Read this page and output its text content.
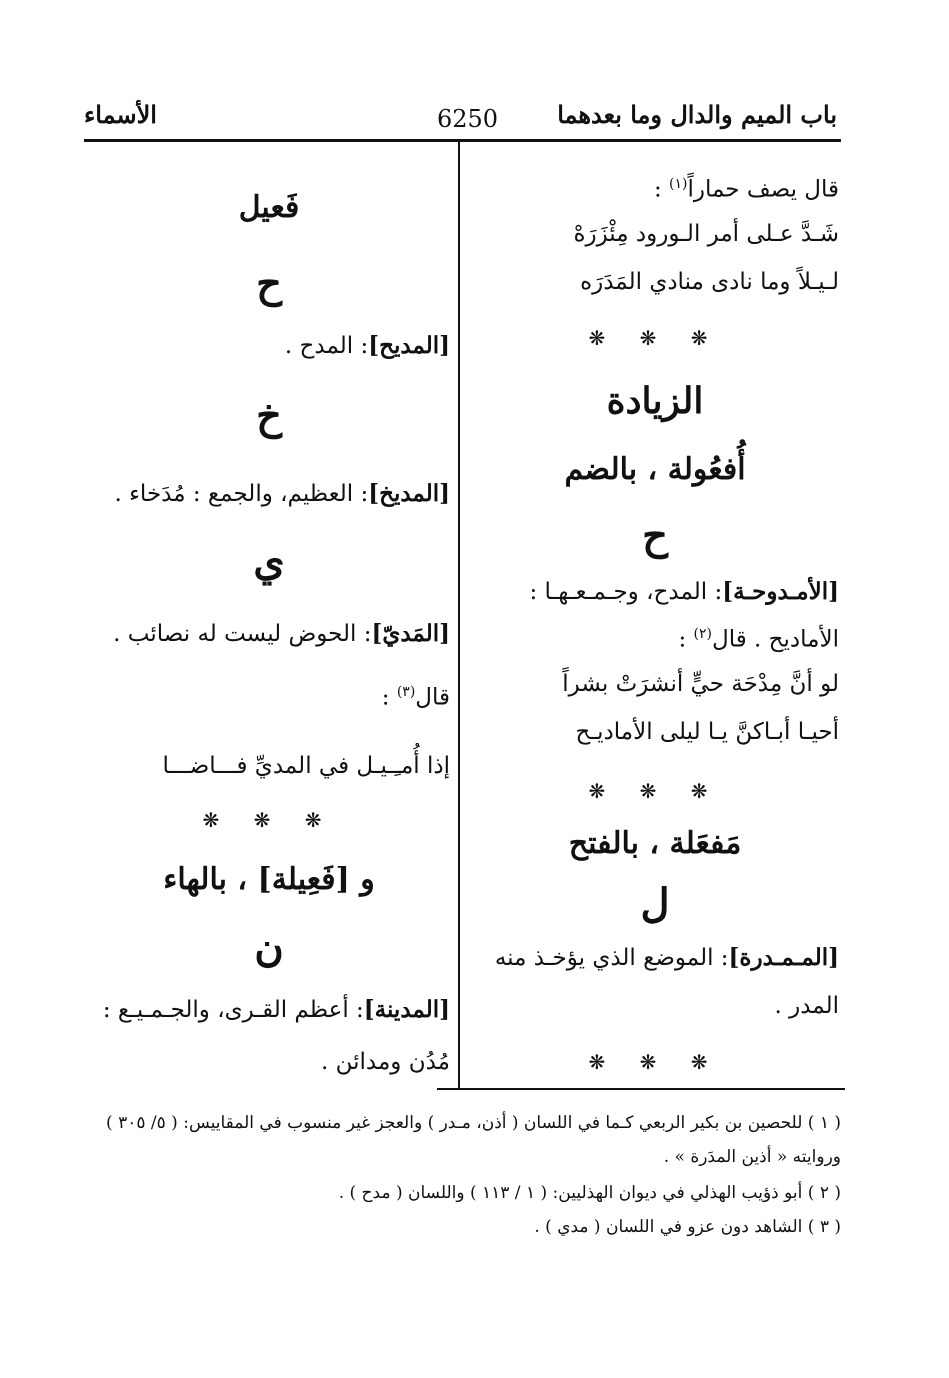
باب الميم والدال وما بعدهما
6250
الأسماء
قال يصف حماراً$^{(١)}$ :
شَـدَّ عـلى أمر الـورود مِئْزَرَهْ
لـيـلاً وما نادى منادي المَدَرَه
❋ ❋ ❋
الزيادة
أُفعُولة ، بالضم
ح
[الأمـدوحـة]: المدح، وجـمـعـهـا :
الأماديح . قال$^{(٢)}$ :
لو أنَّ مِدْحَة حيٍّ أنشرَتْ بشراً
أحيـا أبـاكنَّ يـا ليلى الأماديـح
❋ ❋ ❋
مَفعَلة ، بالفتح
ل
[المـمـدرة]: الموضع الذي يؤخـذ منه
المدر .
❋ ❋ ❋
فَعيل
ح
[المديح]: المدح .
خ
[المديخ]: العظيم، والجمع : مُدَخاء .
ي
[المَديّ]: الحوض ليست له نصائب .
قال$^{(٣)}$ :
إذا أُمـِـيـل في المديِّ فـــاضـــا
❋ ❋ ❋
و [فَعِيلة] ، بالهاء
ن
[المدينة]: أعظم القـرى، والجـمـيـع :
مُدُن ومدائن .
( ١ ) للحصين بن بكير الربعي كـما في اللسان ( أذن، مـدر ) والعجز غير منسوب في المقاييس: ( ٥/ ٣٠٥ )
وروايته « أذين المدَرة » .
( ٢ ) أبو ذؤيب الهذلي في ديوان الهذليين: ( ١ / ١١٣ ) واللسان ( مدح ) .
( ٣ ) الشاهد دون عزو في اللسان ( مدي ) .
